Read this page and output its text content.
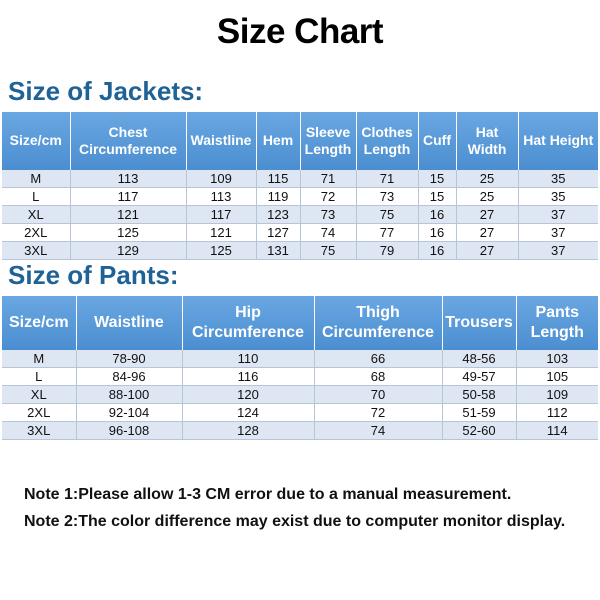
Size Chart
Size of Jackets:
Size/cm	Chest Circumference	Waistline	Hem	Sleeve Length	Clothes Length	Cuff	Hat Width	Hat Height
M	113	109	115	71	71	15	25	35
L	117	113	119	72	73	15	25	35
XL	121	117	123	73	75	16	27	37
2XL	125	121	127	74	77	16	27	37
3XL	129	125	131	75	79	16	27	37
Size of Pants:
Size/cm	Waistline	Hip Circumference	Thigh Circumference	Trousers	Pants Length
M	78-90	110	66	48-56	103
L	84-96	116	68	49-57	105
XL	88-100	120	70	50-58	109
2XL	92-104	124	72	51-59	112
3XL	96-108	128	74	52-60	114

Note 1:Please allow 1-3 CM error due to a manual measurement.

Note 2:The color difference may exist due to computer monitor display.
